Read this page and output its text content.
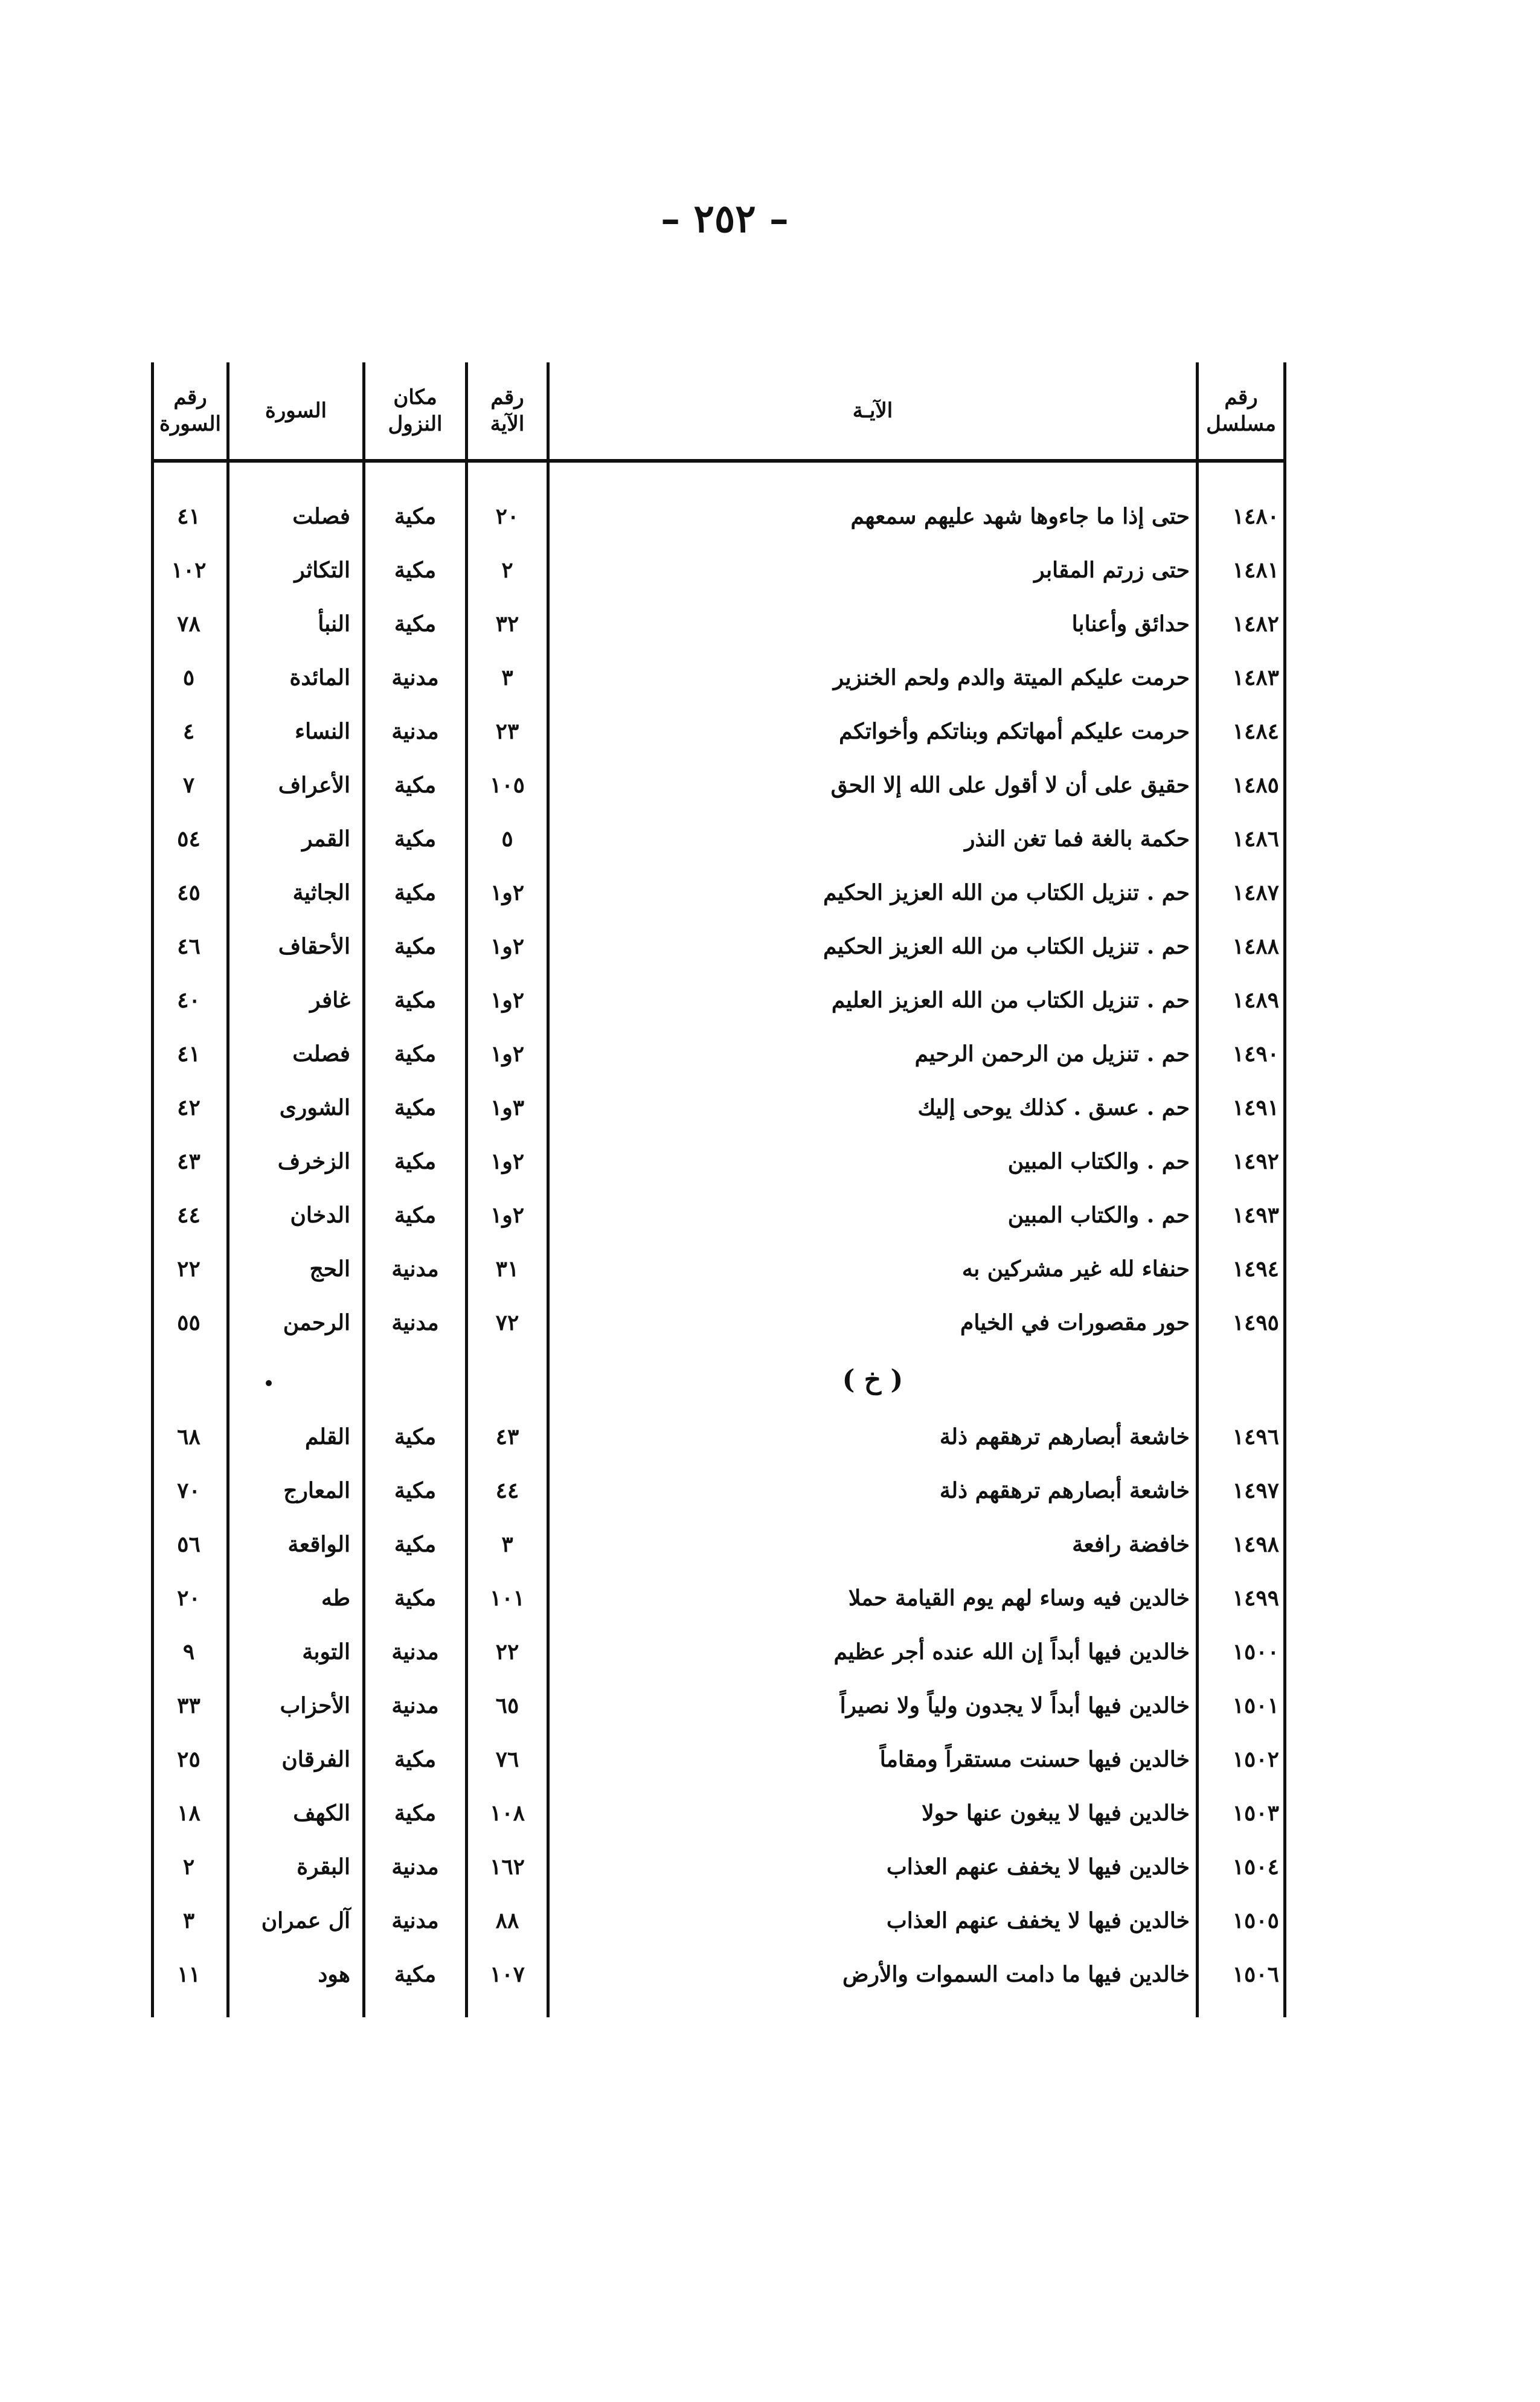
– ٢٥٢ –
رقم
مسلسل
الآيـة
رقم
الآية
مكان
النزول
السورة
رقم
السورة
١٤٨٠
حتى إذا ما جاءوها شهد عليهم سمعهم
٢٠
مكية
فصلت
٤١
١٤٨١
حتى زرتم المقابر
٢
مكية
التكاثر
١٠٢
١٤٨٢
حدائق وأعنابا
٣٢
مكية
النبأ
٧٨
١٤٨٣
حرمت عليكم الميتة والدم ولحم الخنزير
٣
مدنية
المائدة
٥
١٤٨٤
حرمت عليكم أمهاتكم وبناتكم وأخواتكم
٢٣
مدنية
النساء
٤
١٤٨٥
حقيق على أن لا أقول على الله إلا الحق
١٠٥
مكية
الأعراف
٧
١٤٨٦
حكمة بالغة فما تغن النذر
٥
مكية
القمر
٥٤
١٤٨٧
حم . تنزيل الكتاب من الله العزيز الحكيم
٢و١
مكية
الجاثية
٤٥
١٤٨٨
حم . تنزيل الكتاب من الله العزيز الحكيم
٢و١
مكية
الأحقاف
٤٦
١٤٨٩
حم . تنزيل الكتاب من الله العزيز العليم
٢و١
مكية
غافر
٤٠
١٤٩٠
حم . تنزيل من الرحمن الرحيم
٢و١
مكية
فصلت
٤١
١٤٩١
حم . عسق . كذلك يوحى إليك
٣و١
مكية
الشورى
٤٢
١٤٩٢
حم . والكتاب المبين
٢و١
مكية
الزخرف
٤٣
١٤٩٣
حم . والكتاب المبين
٢و١
مكية
الدخان
٤٤
١٤٩٤
حنفاء لله غير مشركين به
٣١
مدنية
الحج
٢٢
١٤٩٥
حور مقصورات في الخيام
٧٢
مدنية
الرحمن
٥٥
( خ )
١٤٩٦
خاشعة أبصارهم ترهقهم ذلة
٤٣
مكية
القلم
٦٨
١٤٩٧
خاشعة أبصارهم ترهقهم ذلة
٤٤
مكية
المعارج
٧٠
١٤٩٨
خافضة رافعة
٣
مكية
الواقعة
٥٦
١٤٩٩
خالدين فيه وساء لهم يوم القيامة حملا
١٠١
مكية
طه
٢٠
١٥٠٠
خالدين فيها أبداً إن الله عنده أجر عظيم
٢٢
مدنية
التوبة
٩
١٥٠١
خالدين فيها أبداً لا يجدون ولياً ولا نصيراً
٦٥
مدنية
الأحزاب
٣٣
١٥٠٢
خالدين فيها حسنت مستقراً ومقاماً
٧٦
مكية
الفرقان
٢٥
١٥٠٣
خالدين فيها لا يبغون عنها حولا
١٠٨
مكية
الكهف
١٨
١٥٠٤
خالدين فيها لا يخفف عنهم العذاب
١٦٢
مدنية
البقرة
٢
١٥٠٥
خالدين فيها لا يخفف عنهم العذاب
٨٨
مدنية
آل عمران
٣
١٥٠٦
خالدين فيها ما دامت السموات والأرض
١٠٧
مكية
هود
١١
